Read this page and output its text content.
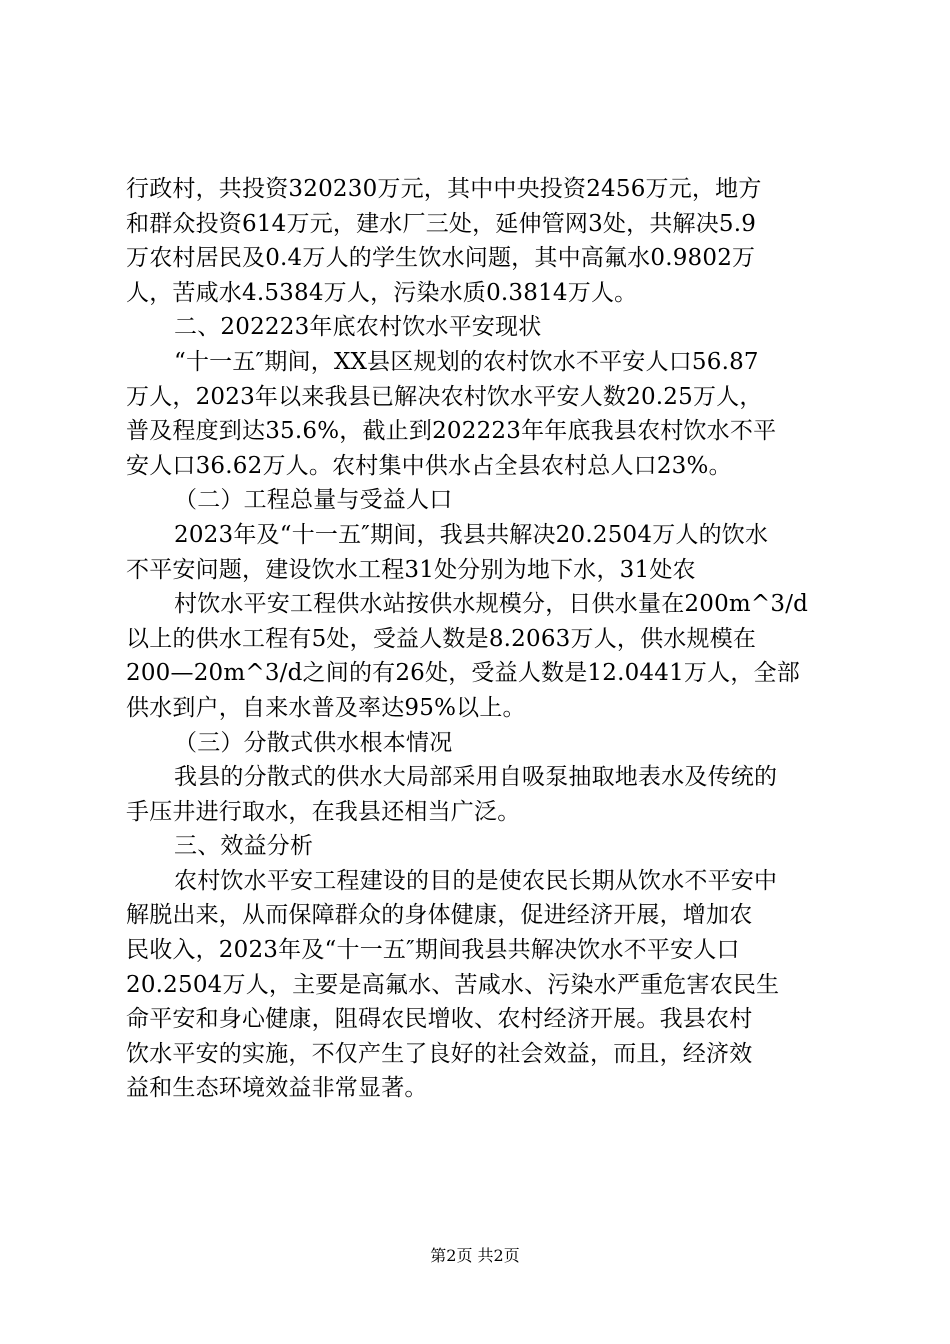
行政村，共投资320230万元，其中中央投资2456万元，地方
和群众投资614万元，建水厂三处，延伸管网3处，共解决5.9
万农村居民及0.4万人的学生饮水问题，其中高氟水0.9802万
人，苦咸水4.5384万人，污染水质0.3814万人。
二、202223年底农村饮水平安现状
“十一五″期间，XX县区规划的农村饮水不平安人口56.87
万人，2023年以来我县已解决农村饮水平安人数20.25万人，
普及程度到达35.6%，截止到202223年年底我县农村饮水不平
安人口36.62万人。农村集中供水占全县农村总人口23%。
（二）工程总量与受益人口
2023年及“十一五″期间，我县共解决20.2504万人的饮水
不平安问题，建设饮水工程31处分别为地下水，31处农
村饮水平安工程供水站按供水规模分，日供水量在200m^3/d
以上的供水工程有5处，受益人数是8.2063万人，供水规模在
200—20m^3/d之间的有26处，受益人数是12.0441万人，全部
供水到户，自来水普及率达95%以上。
（三）分散式供水根本情况
我县的分散式的供水大局部采用自吸泵抽取地表水及传统的
手压井进行取水，在我县还相当广泛。
三、效益分析
农村饮水平安工程建设的目的是使农民长期从饮水不平安中
解脱出来，从而保障群众的身体健康，促进经济开展，增加农
民收入，2023年及“十一五″期间我县共解决饮水不平安人口
20.2504万人，主要是高氟水、苦咸水、污染水严重危害农民生
命平安和身心健康，阻碍农民增收、农村经济开展。我县农村
饮水平安的实施，不仅产生了良好的社会效益，而且，经济效
益和生态环境效益非常显著。
第2页 共2页
